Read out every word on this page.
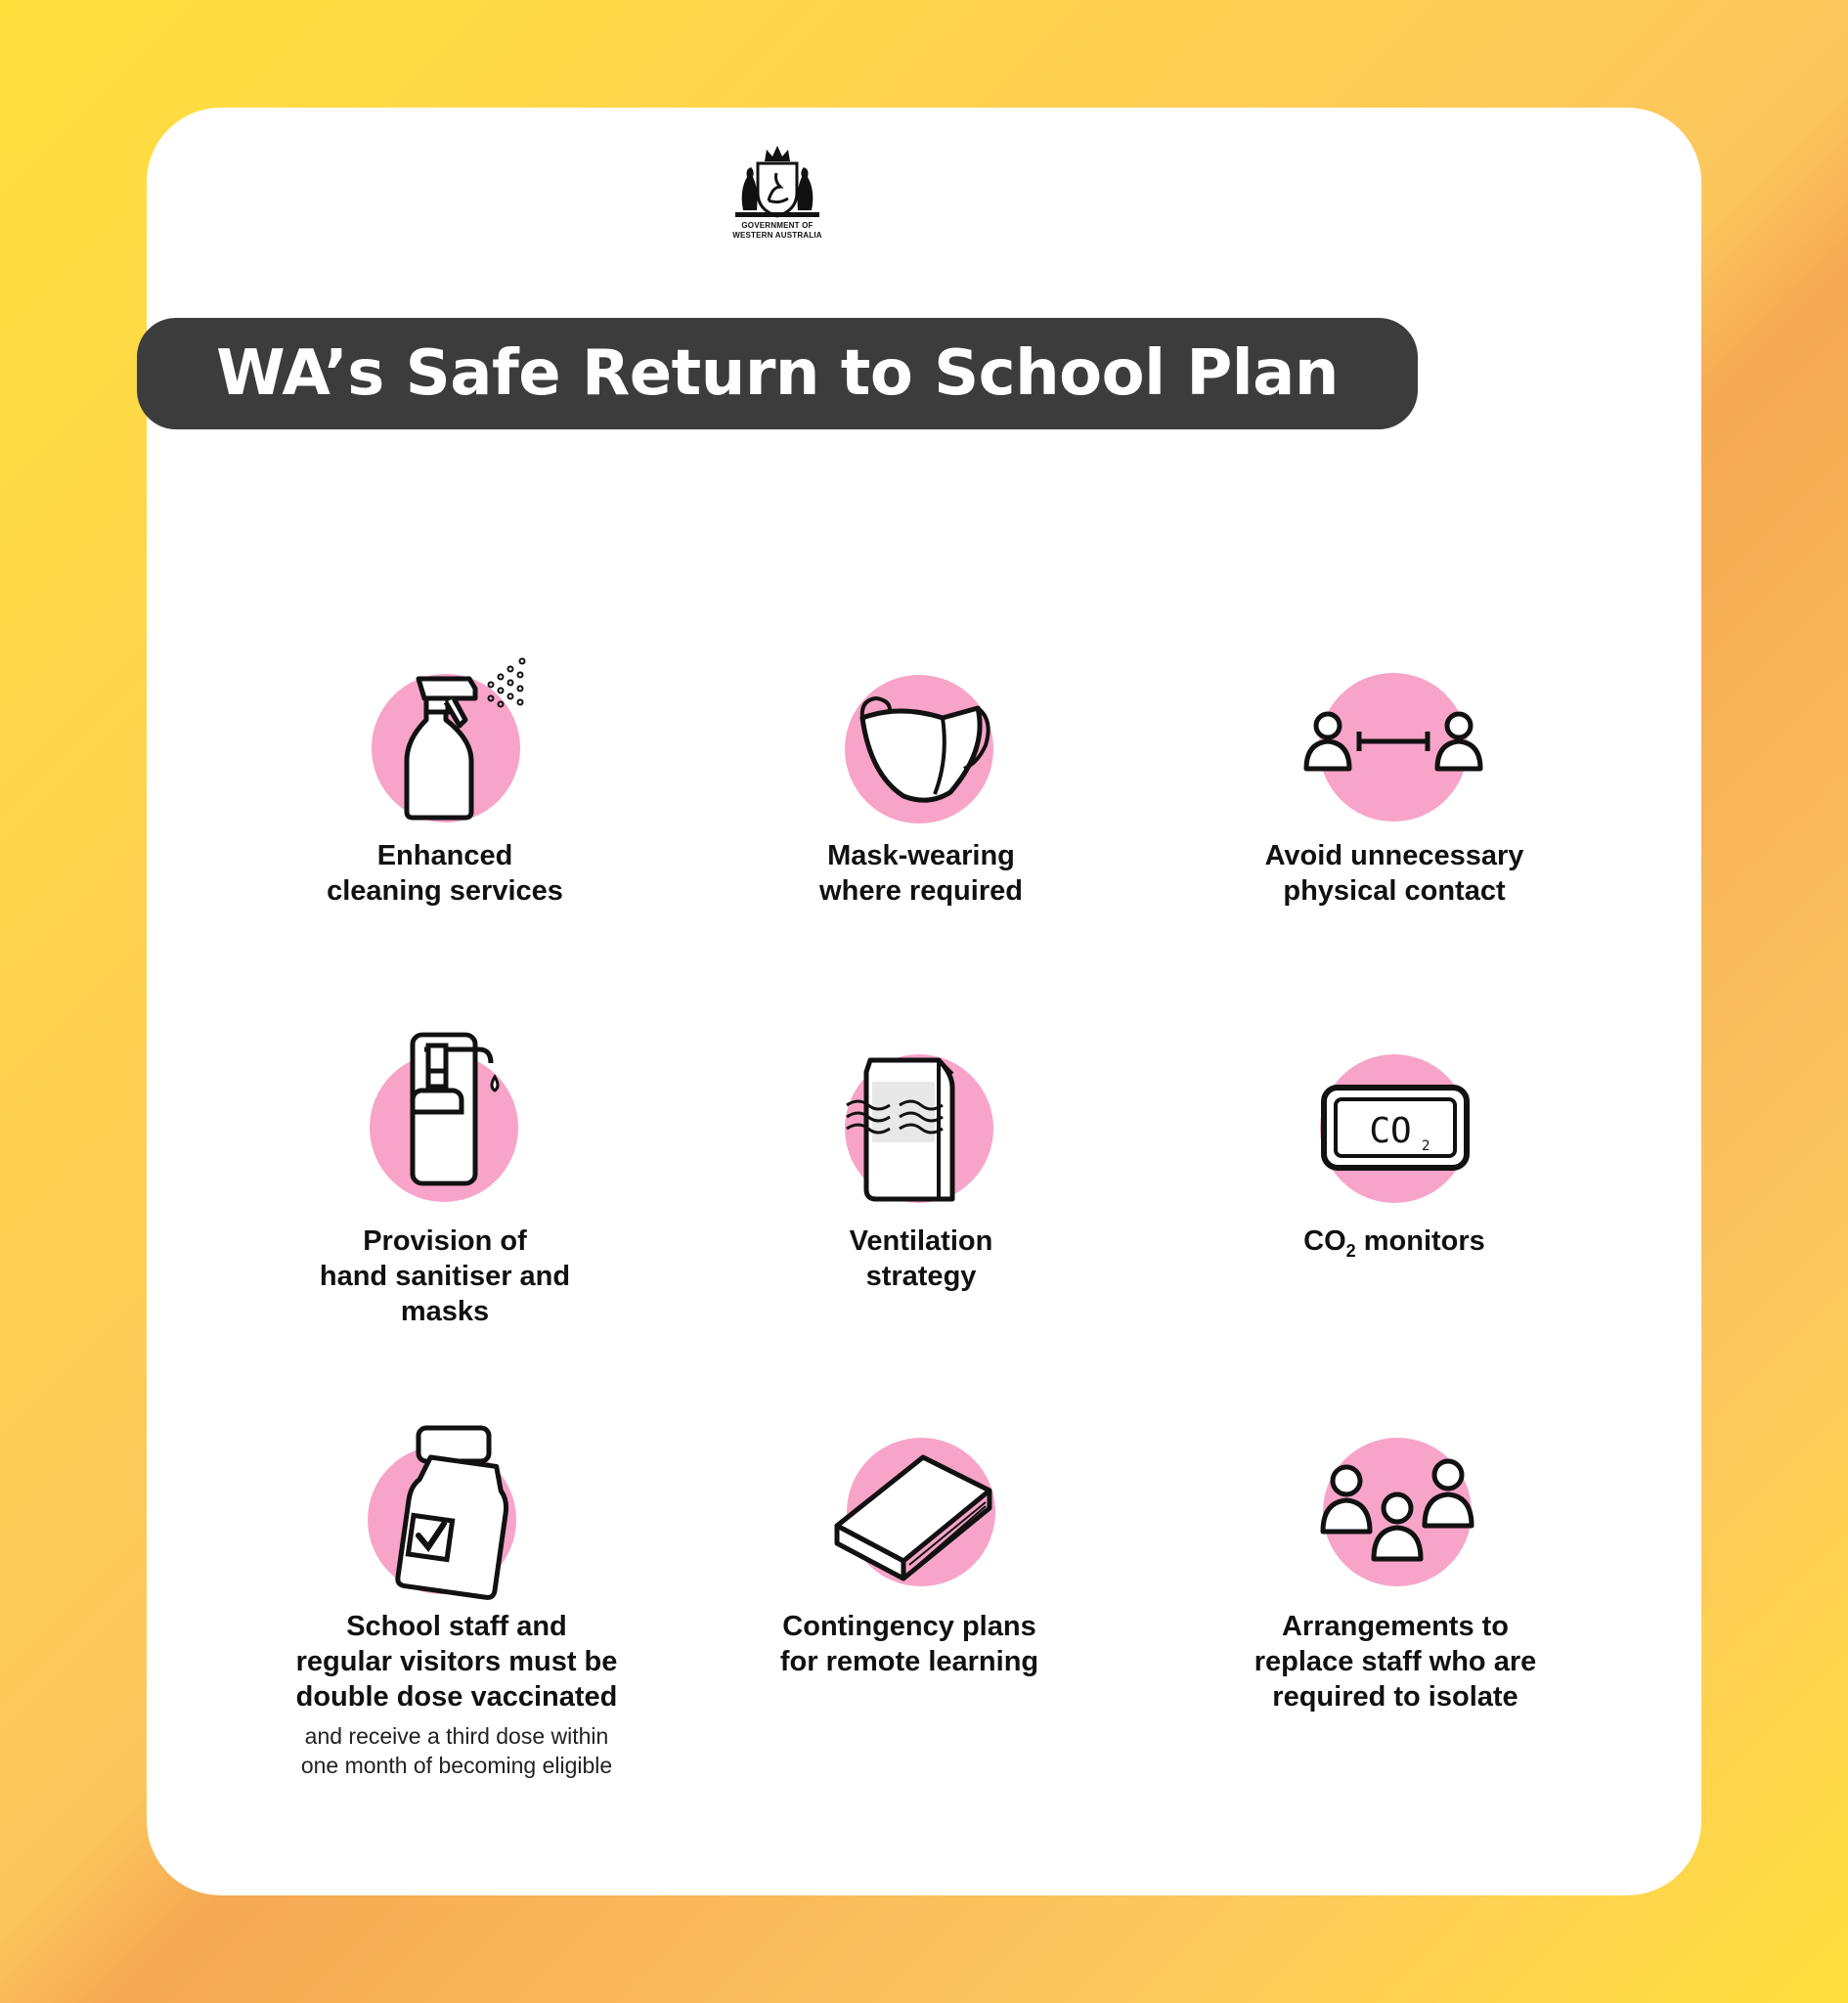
GOVERNMENT OF
WESTERN AUSTRALIA
WA’s Safe Return to School Plan
Enhanced
cleaning services
Mask-wearing
where required
Avoid unnecessary
physical contact
Provision of
hand sanitiser and
masks
Ventilation
strategy
CO 2
$CO_2$ monitors
School staff and
regular visitors must be
double dose vaccinated
and receive a third dose within
one month of becoming eligible
Contingency plans
for remote learning
Arrangements to
replace staff who are
required to isolate
